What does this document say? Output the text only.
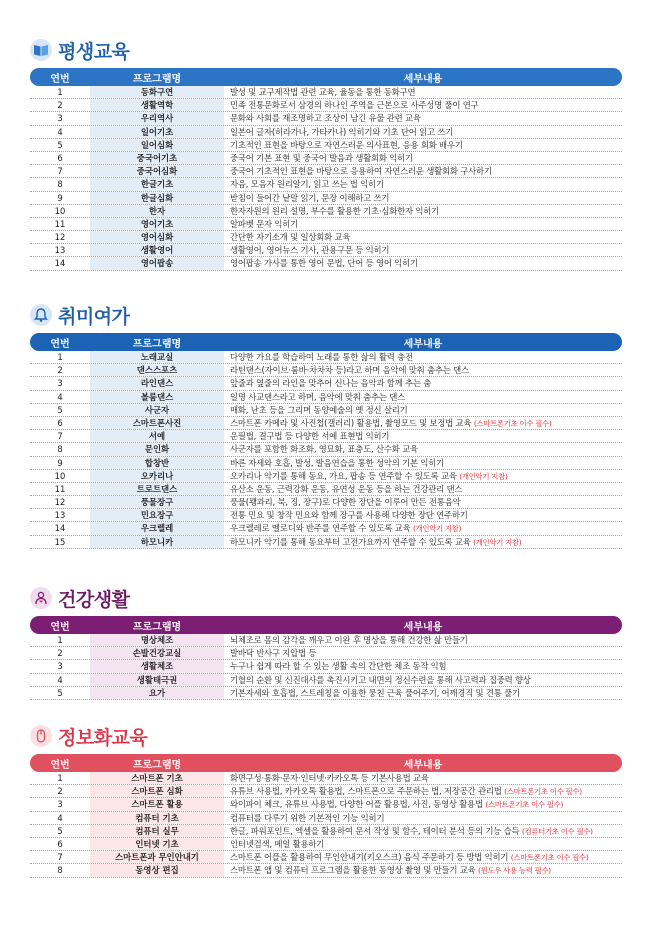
평생교육
연번	프로그램명	세부내용
1	동화구연	발성 및 교구제작법 관련 교육, 율동을 통한 동화구연
2	생활역학	민족 전통문화로서 삼경의 하나인 주역을 근본으로 사주성명 풀이 연구
3	우리역사	문화와 사회를 재조명하고 조상이 남긴 유물 관련 교육
4	일어기초	일본어 글자(히라가나, 가타카나) 익히기와 기초 단어 읽고 쓰기
5	일어심화	기초적인 표현을 바탕으로 자연스러운 의사표현, 응용 회화 배우기
6	중국어기초	중국어 기본 표현 및 중국어 발음과 생활회화 익히기
7	중국어심화	중국어 기초적인 표현을 바탕으로 응용하여 자연스러운 생활회화 구사하기
8	한글기초	자음, 모음자 원리알기, 읽고 쓰는 법 익히기
9	한글심화	받침이 들어간 낱말 읽기, 문장 이해하고 쓰기
10	한자	한자자원의 원리 설명, 부수를 활용한 기초·심화한자 익히기
11	영어기초	알파벳 문자 익히기
12	영어심화	간단한 자기소개 및 일상회화 교육
13	생활영어	생활영어, 영어뉴스 기사, 관용구문 등 익히기
14	영어팝송	영어팝송 가사를 통한 영어 문법, 단어 등 영어 익히기
취미여가
연번	프로그램명	세부내용
1	노래교실	다양한 가요를 학습하여 노래를 통한 삶의 활력 충전
2	댄스스포츠	라틴댄스(자이브·룸바·차차차 등)라고 하며 음악에 맞춰 춤추는 댄스
3	라인댄스	앞줄과 옆줄의 라인을 맞추어 신나는 음악과 함께 추는 춤
4	볼룸댄스	일명 사교댄스라고 하며, 음악에 맞춰 춤추는 댄스
5	사군자	매화, 난초 등을 그리며 동양예술의 옛 정신 살리기
6	스마트폰사진	스마트폰 카메라 및 사진첩(갤러리) 활용법, 촬영모드 및 보정법 교육 (스마트폰기초 이수 필수)
7	서예	운필법, 결구법 등 다양한 서예 표현법 익히기
8	문인화	사군자를 포함한 화조화, 영묘화, 표충도, 산수화 교육
9	합창반	바른 자세와 호흡, 발성, 발음연습을 통한 성악의 기본 익히기
10	오카리나	오카리나 악기를 통해 동요, 가요, 팝송 등 연주할 수 있도록 교육 (개인악기 지참)
11	트로트댄스	유산소 운동, 근력강화 운동, 유연성 운동 등을 하는 건강관리 댄스
12	풍물장구	풍물(꽹과리, 북, 징, 장구)로 다양한 장단을 이루어 만든 전통음악
13	민요장구	전통 민요 및 창작 민요와 함께 장구를 사용해 다양한 장단 연주하기
14	우크렐레	우크렐레로 멜로디와 반주를 연주할 수 있도록 교육 (개인악기 지참)
15	하모니카	하모니카 악기를 통해 동요부터 고전가요까지 연주할 수 있도록 교육 (개인악기 지참)
건강생활
연번	프로그램명	세부내용
1	명상체조	뇌체조로 몸의 감각을 깨우고 이완 후 명상을 통해 건강한 삶 만들기
2	손발건강교실	발바닥 반사구 지압법 등
3	생활체조	누구나 쉽게 따라 할 수 있는 생활 속의 간단한 체조 동작 익힘
4	생활태극권	기혈의 순환 및 신진대사를 촉진시키고 내면의 정신수련을 통해 사고력과 집중력 향상
5	요가	기본자세와 호흡법, 스트레칭을 이용한 뭉친 근육 풀어주기, 어깨경직 및 견통 풀기
정보화교육
연번	프로그램명	세부내용
1	스마트폰 기초	화면구성·통화·문자·인터넷·카카오톡 등 기본사용법 교육
2	스마트폰 심화	유튜브 사용법, 카카오톡 활용법, 스마트폰으로 주문하는 법, 저장공간 관리법 (스마트폰기초 이수 필수)
3	스마트폰 활용	와이파이 체크, 유튜브 사용법, 다양한 어플 활용법, 사진, 동영상 활용법 (스마트폰기초 이수 필수)
4	컴퓨터 기초	컴퓨터를 다루기 위한 기본적인 기능 익히기
5	컴퓨터 실무	한글, 파워포인트, 엑셀을 활용하여 문서 작성 및 함수, 테이터 분석 등의 기능 습득 (컴퓨터기초 이수 필수)
6	인터넷 기초	인터넷검색, 메일 활용하기
7	스마트폰과 무인안내기	스마트폰 어플을 활용하여 무인안내기(키오스크) 음식 주문하기 등 방법 익히기 (스마트폰기초 이수 필수)
8	동영상 편집	스마트폰 앱 및 컴퓨터 프로그램을 활용한 동영상 촬영 및 만들기 교육 (윈도우 사용 능력 필수)
